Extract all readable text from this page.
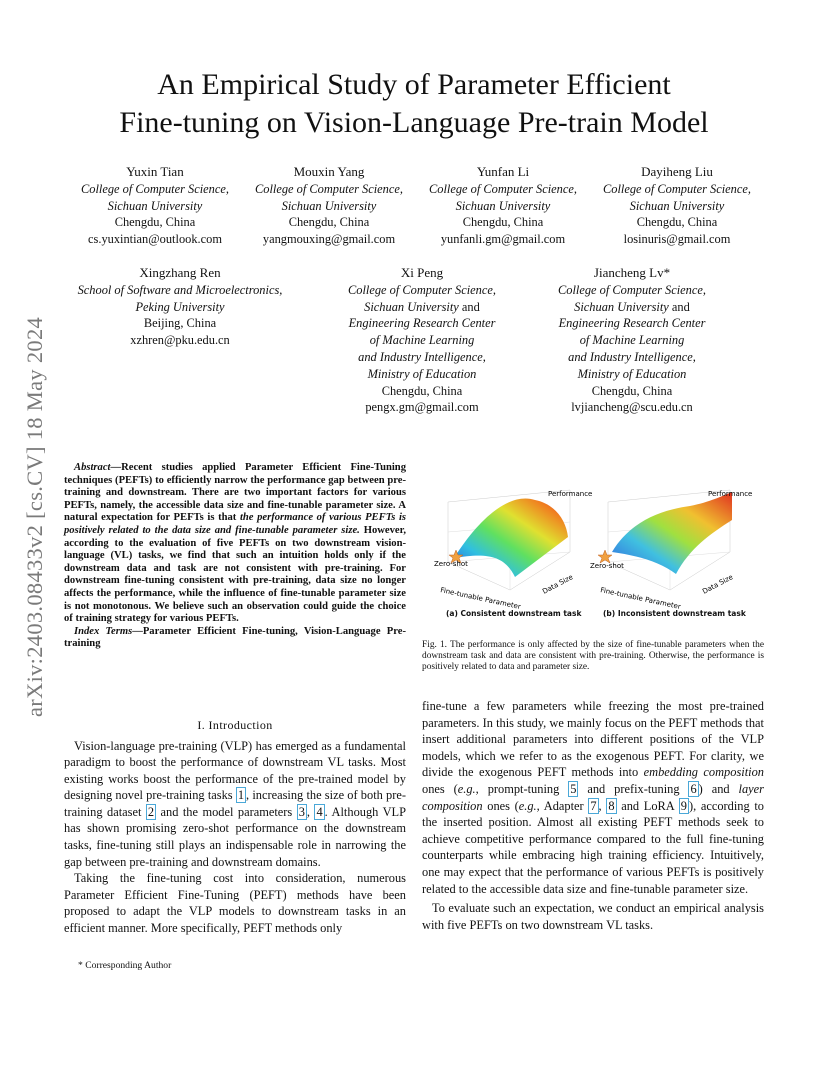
An Empirical Study of Parameter Efficient
Fine-tuning on Vision-Language Pre-train Model
Yuxin Tian
College of Computer Science,
Sichuan University
Chengdu, China
cs.yuxintian@outlook.com
Mouxin Yang
College of Computer Science,
Sichuan University
Chengdu, China
yangmouxing@gmail.com
Yunfan Li
College of Computer Science,
Sichuan University
Chengdu, China
yunfanli.gm@gmail.com
Dayiheng Liu
College of Computer Science,
Sichuan University
Chengdu, China
losinuris@gmail.com
Xingzhang Ren
School of Software and Microelectronics,
Peking University
Beijing, China
xzhren@pku.edu.cn
Xi Peng
College of Computer Science,
Sichuan University and
Engineering Research Center
of Machine Learning
and Industry Intelligence,
Ministry of Education
Chengdu, China
pengx.gm@gmail.com
Jiancheng Lv*
College of Computer Science,
Sichuan University and
Engineering Research Center
of Machine Learning
and Industry Intelligence,
Ministry of Education
Chengdu, China
lvjiancheng@scu.edu.cn
arXiv:2403.08433v2 [cs.CV] 18 May 2024	Abstract—Recent studies applied Parameter Efficient Fine-Tuning techniques (PEFTs) to efficiently narrow the performance gap between pre-training and downstream. There are two important factors for various PEFTs, namely, the accessible data size and fine-tunable parameter size. A natural expectation for PEFTs is that the performance of various PEFTs is positively related to the data size and fine-tunable parameter size. However, according to the evaluation of five PEFTs on two downstream vision-language (VL) tasks, we find that such an intuition holds only if the downstream data and task are not consistent with pre-training. For downstream fine-tuning consistent with pre-training, data size no longer affects the performance, while the influence of fine-tunable parameter size is not monotonous. We believe such an observation could guide the choice of training strategy for various PEFTs.

Index Terms—Parameter Efficient Fine-tuning, Vision-Language Pre-training

I. Introduction

Vision-language pre-training (VLP) has emerged as a fundamental paradigm to boost the performance of downstream VL tasks. Most existing works boost the performance of the pre-trained model by designing novel pre-training tasks 1 , increasing the size of both pre-training dataset 2 and the model parameters 3 , 4 . Although VLP has shown promising zero-shot performance on the downstream tasks, fine-tuning still plays an indispensable role in narrowing the gap between pre-training and downstream domains.

Taking the fine-tuning cost into consideration, numerous Parameter Efficient Fine-Tuning (PEFT) methods have been proposed to adapt the VLP models to downstream tasks in an efficient manner. More specifically, PEFT methods only

* Corresponding Author
Performance
Zero-shot
Fine-tunable Parameter
Data Size
Performance
Zero-shot
Fine-tunable Parameter
Data Size
(a) Consistent downstream task	(b) Inconsistent downstream task
Fig. 1. The performance is only affected by the size of fine-tunable parameters when the downstream task and data are consistent with pre-training. Otherwise, the performance is positively related to data and parameter size.

fine-tune a few parameters while freezing the most pre-trained parameters. In this study, we mainly focus on the PEFT methods that insert additional parameters into different positions of the VLP models, which we refer to as the exogenous PEFT. For clarity, we divide the exogenous PEFT methods into embedding composition ones (e.g., prompt-tuning 5 and prefix-tuning 6 ) and layer composition ones (e.g., Adapter 7 , 8 and LoRA 9 ), according to the inserted position. Almost all existing PEFT methods seek to achieve competitive performance compared to the full fine-tuning counterparts while embracing high training efficiency. Intuitively, one may expect that the performance of various PEFTs is positively related to the accessible data size and fine-tunable parameter size.

To evaluate such an expectation, we conduct an empirical analysis with five PEFTs on two downstream VL tasks.
